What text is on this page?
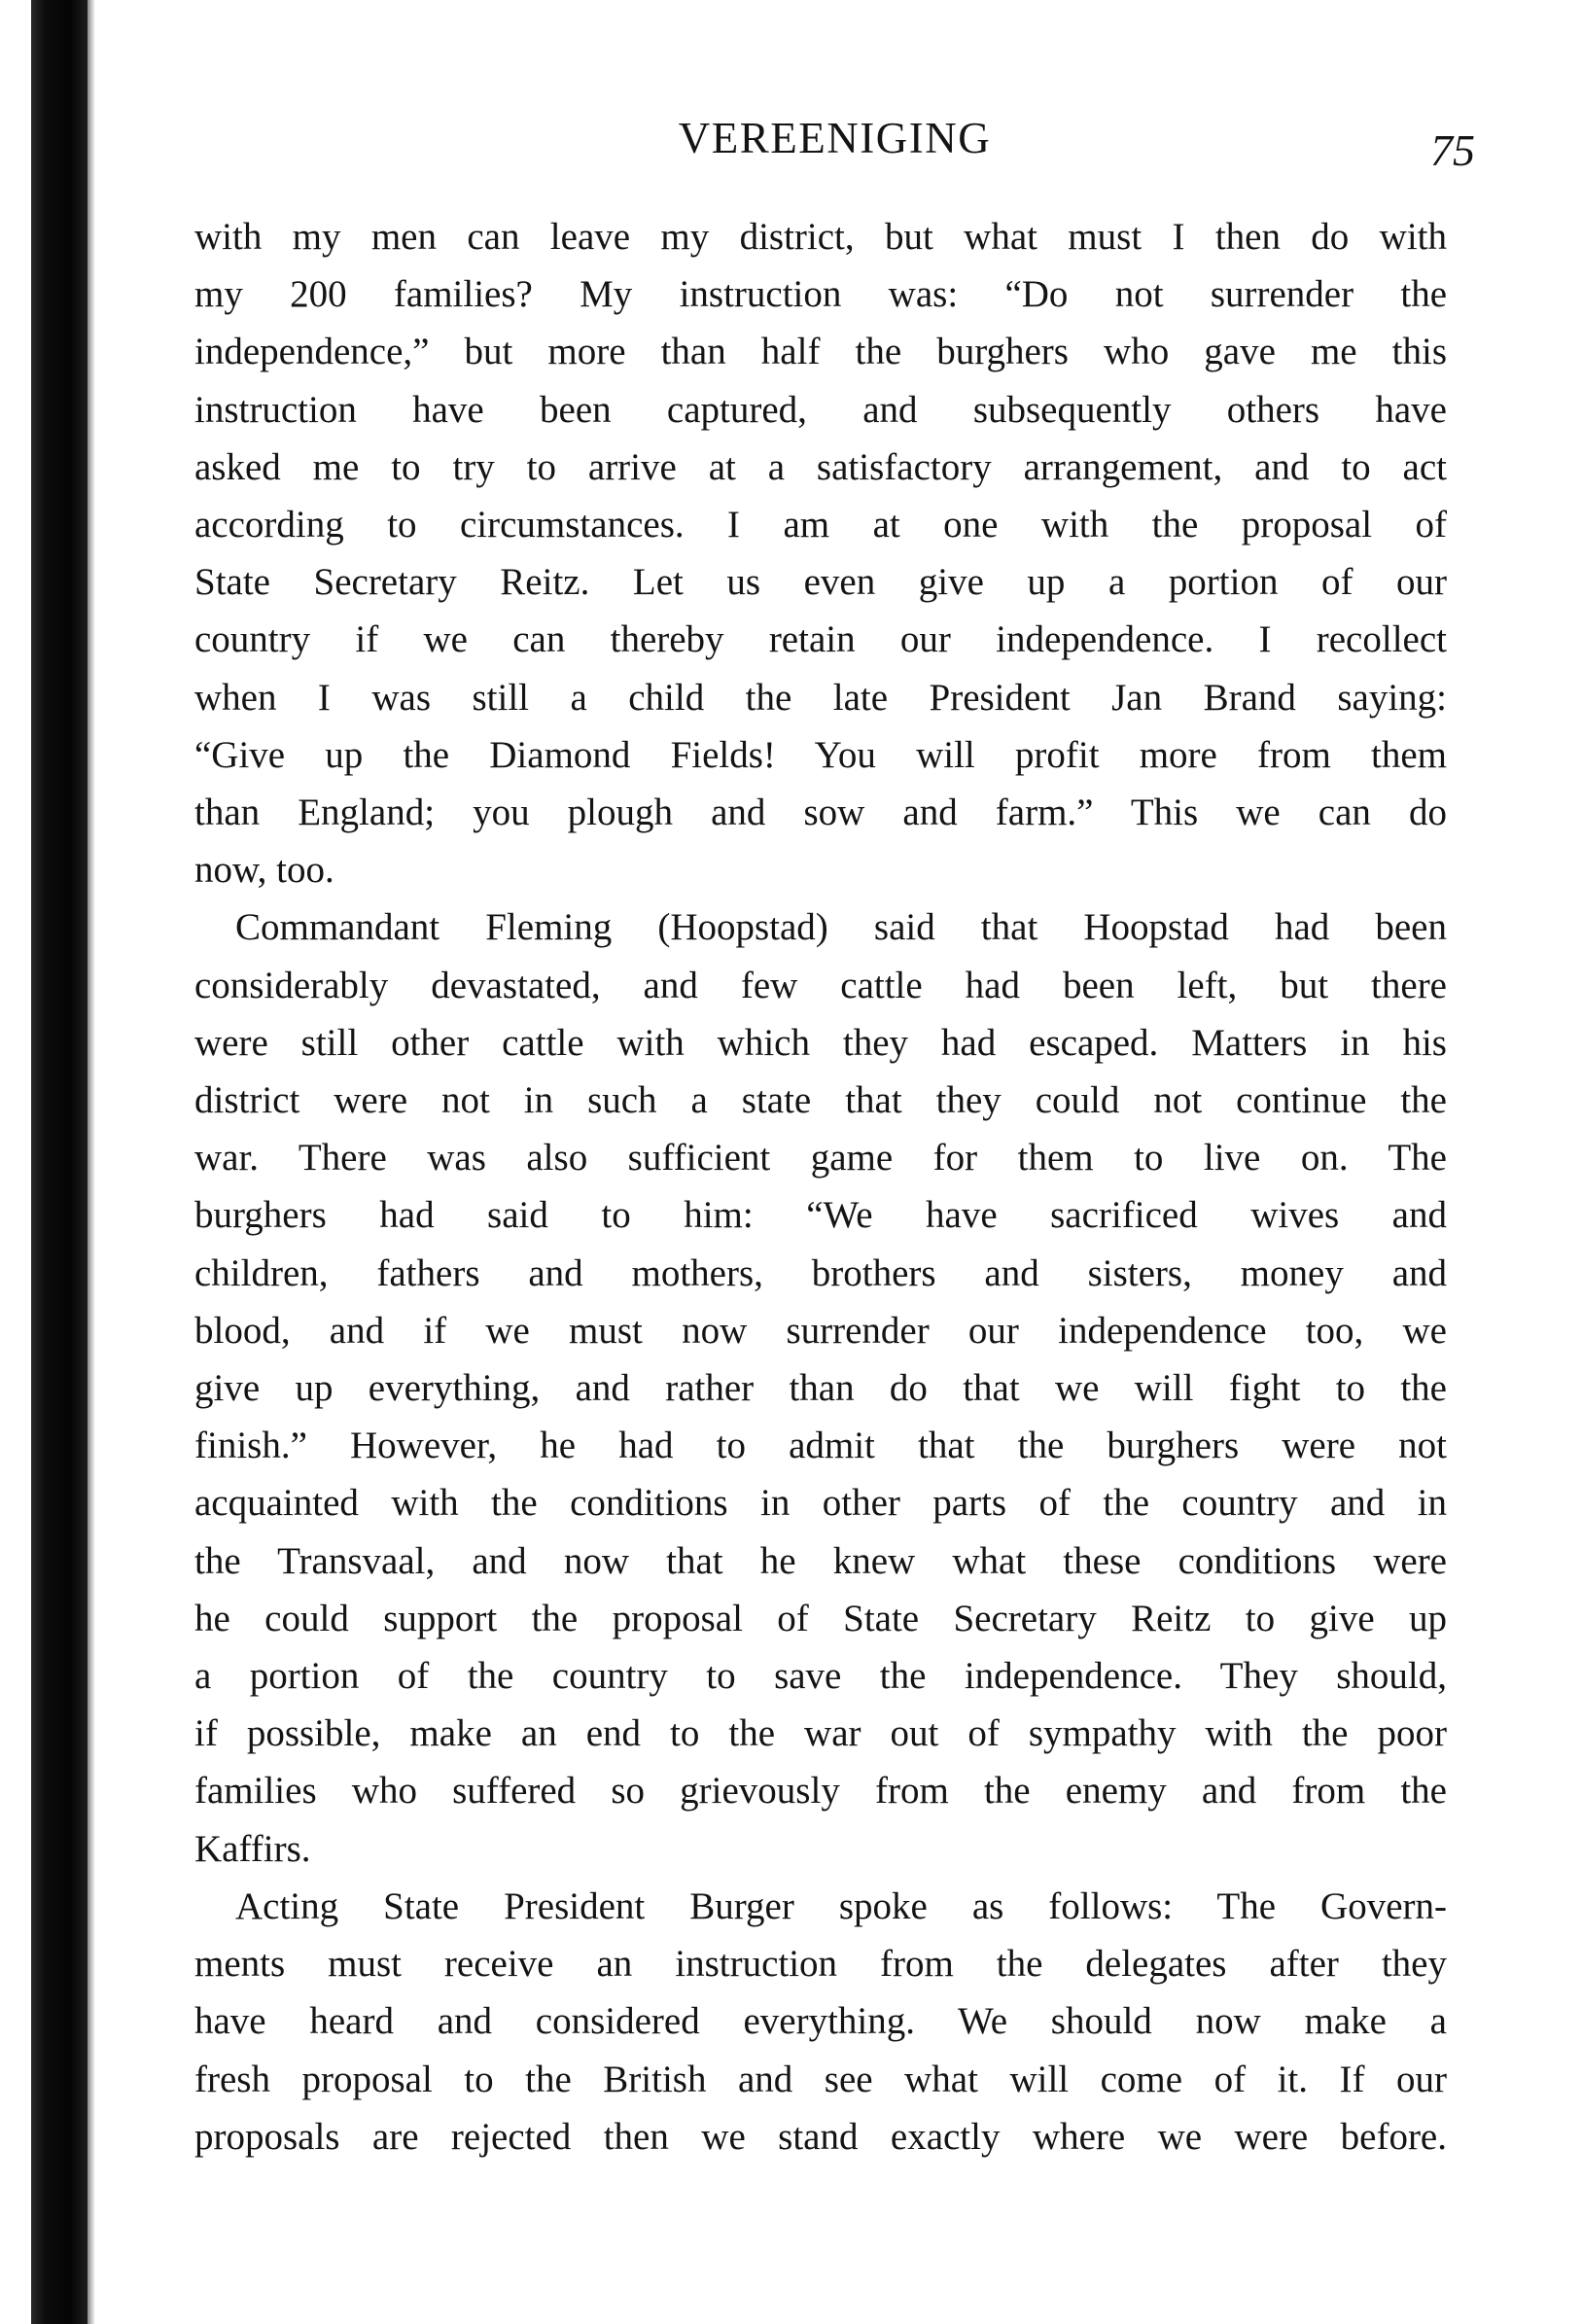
VEREENIGING	75

with my men can leave my district, but what must I then do with

my 200 families? My instruction was: “Do not surrender the

independence,” but more than half the burghers who gave me this

instruction have been captured, and subsequently others have

asked me to try to arrive at a satisfactory arrangement, and to act

according to circumstances. I am at one with the proposal of

State Secretary Reitz. Let us even give up a portion of our

country if we can thereby retain our independence. I recollect

when I was still a child the late President Jan Brand saying:

“Give up the Diamond Fields! You will profit more from them

than England; you plough and sow and farm.” This we can do

now, too.

Commandant Fleming (Hoopstad) said that Hoopstad had been

considerably devastated, and few cattle had been left, but there

were still other cattle with which they had escaped. Matters in his

district were not in such a state that they could not continue the

war. There was also sufficient game for them to live on. The

burghers had said to him: “We have sacrificed wives and

children, fathers and mothers, brothers and sisters, money and

blood, and if we must now surrender our independence too, we

give up everything, and rather than do that we will fight to the

finish.” However, he had to admit that the burghers were not

acquainted with the conditions in other parts of the country and in

the Transvaal, and now that he knew what these conditions were

he could support the proposal of State Secretary Reitz to give up

a portion of the country to save the independence. They should,

if possible, make an end to the war out of sympathy with the poor

families who suffered so grievously from the enemy and from the

Kaffirs.

Acting State President Burger spoke as follows: The Govern-

ments must receive an instruction from the delegates after they

have heard and considered everything. We should now make a

fresh proposal to the British and see what will come of it. If our

proposals are rejected then we stand exactly where we were before.
